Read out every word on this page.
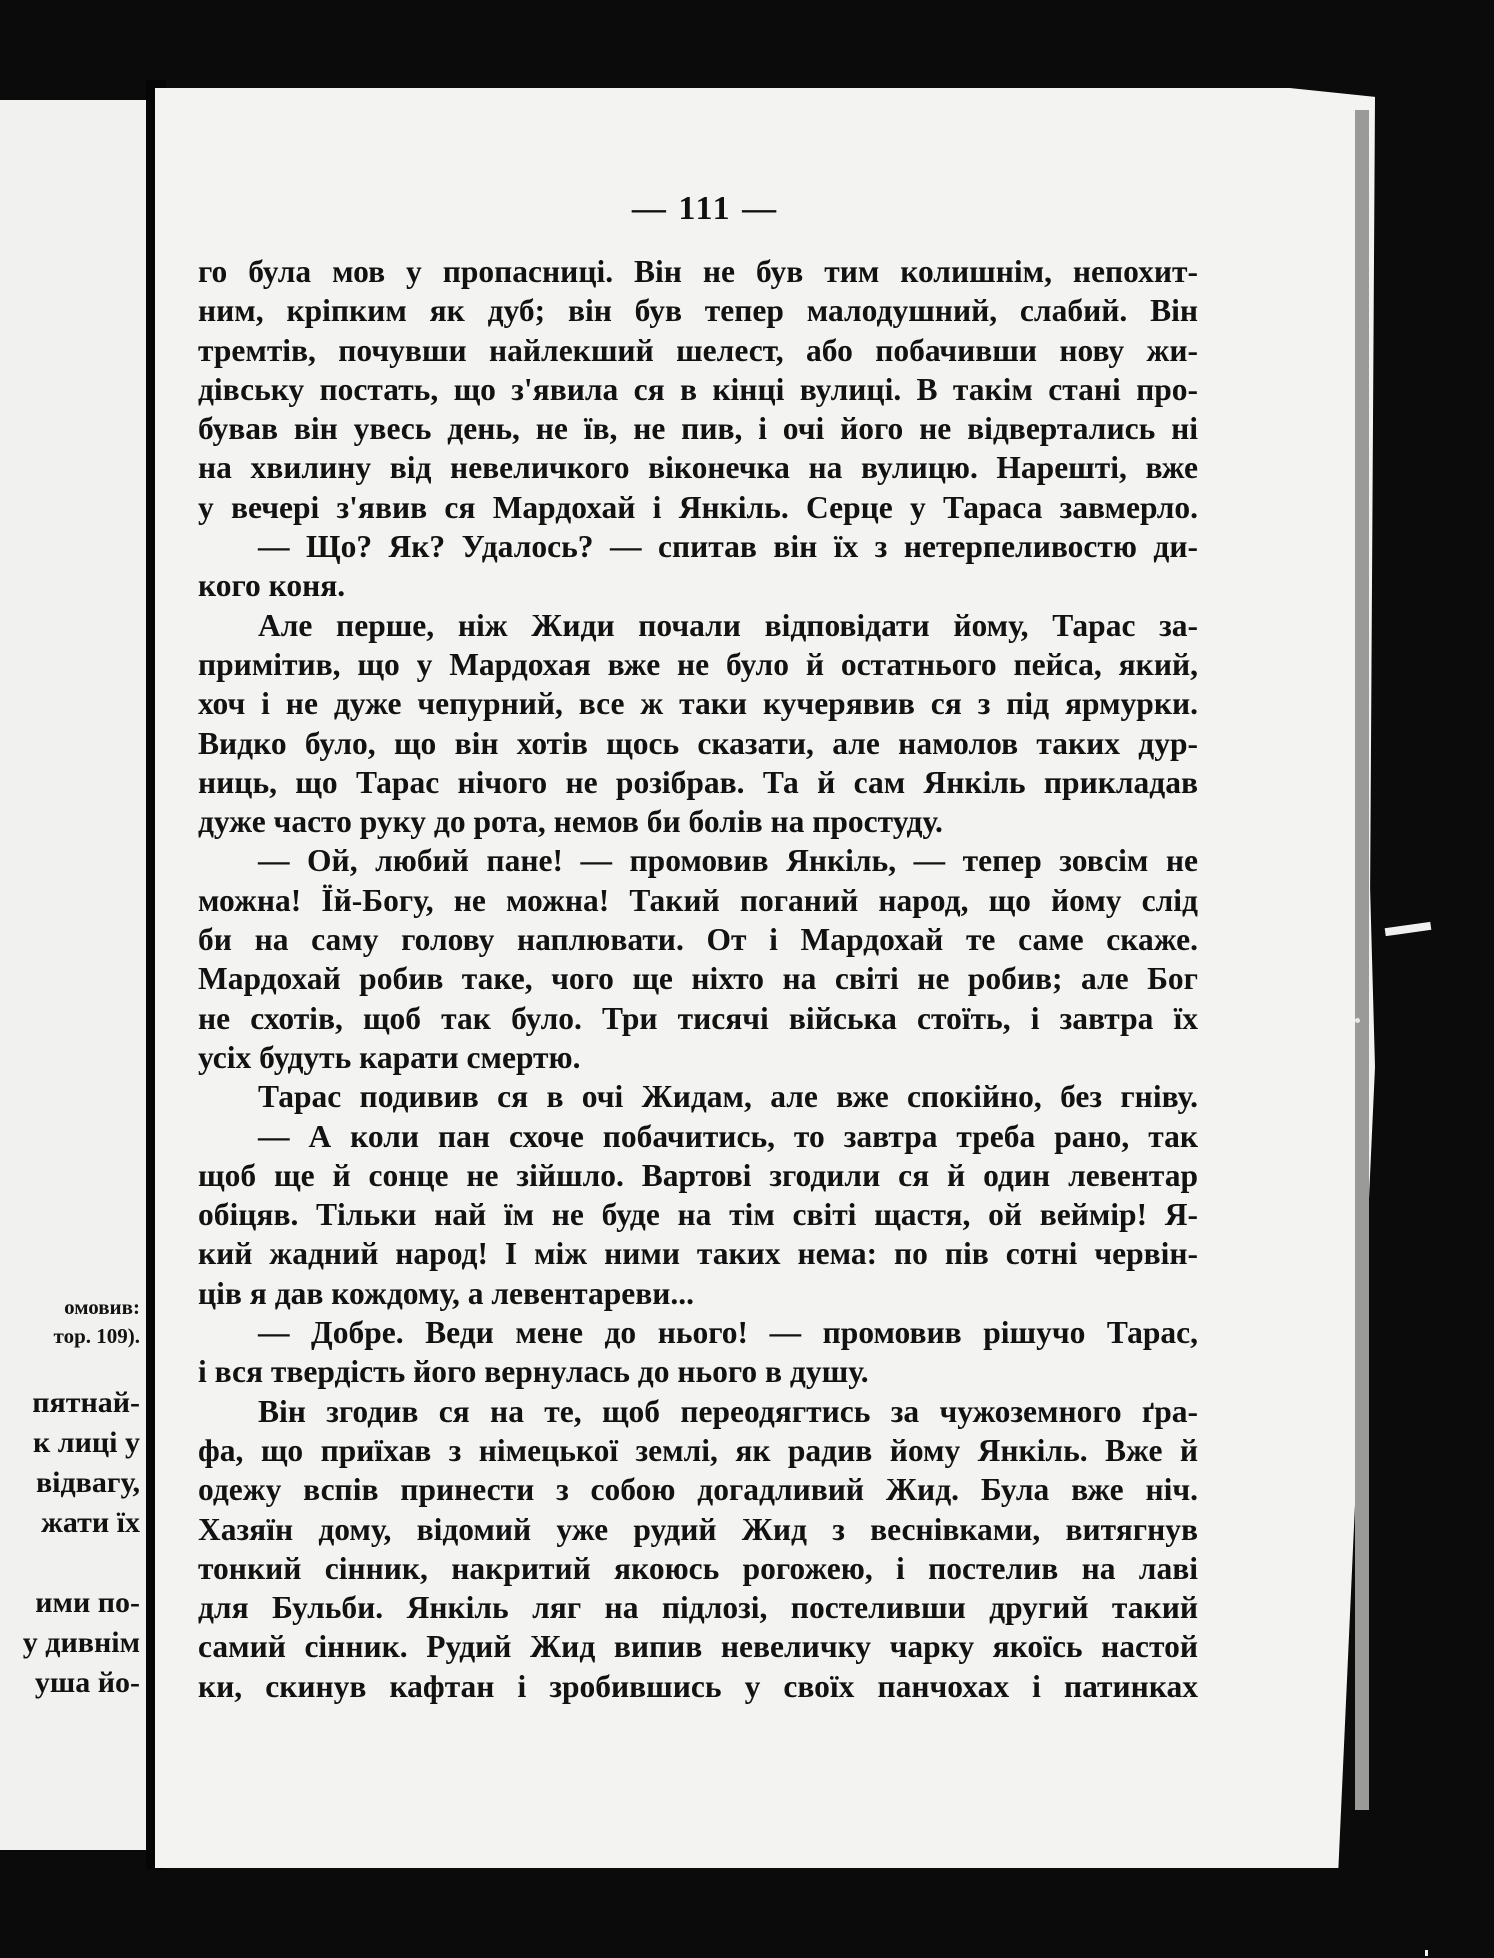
омовив:
тор. 109).
пятнай-
к лиці у
відвагу,
жати їх
ими по-
у дивнім
уша йо-
— 111 —
го була мов у пропасниці. Він не був тим колишнім, непохит-
ним, кріпким як дуб; він був тепер малодушний, слабий. Він
тремтів, почувши найлекший шелест, або побачивши нову жи-
дівську постать, що з'явила ся в кінці вулиці. В такім стані про-
бував він увесь день, не їв, не пив, і очі його не відвертались ні
на хвилину від невеличкого віконечка на вулицю. Нарешті, вже
у вечері з'явив ся Мардохай і Янкіль. Серце у Тараса завмерло.
— Що? Як? Удалось? — спитав він їх з нетерпеливостю ди-
кого коня.
Але перше, ніж Жиди почали відповідати йому, Тарас за-
примітив, що у Мардохая вже не було й остатнього пейса, який,
хоч і не дуже чепурний, все ж таки кучерявив ся з під ярмурки.
Видко було, що він хотів щось сказати, але намолов таких дур-
ниць, що Тарас нічого не розібрав. Та й сам Янкіль прикладав
дуже часто руку до рота, немов би болів на простуду.
— Ой, любий пане! — промовив Янкіль, — тепер зовсім не
можна! Їй-Богу, не можна! Такий поганий народ, що йому слід
би на саму голову наплювати. От і Мардохай те саме скаже.
Мардохай робив таке, чого ще ніхто на світі не робив; але Бог
не схотів, щоб так було. Три тисячі війська стоїть, і завтра їх
усіх будуть карати смертю.
Тарас подивив ся в очі Жидам, але вже спокійно, без гніву.
— А коли пан схоче побачитись, то завтра треба рано, так
щоб ще й сонце не зійшло. Вартові згодили ся й один левентар
обіцяв. Тільки най їм не буде на тім світі щастя, ой веймір! Я-
кий жадний народ! І між ними таких нема: по пів сотні червін-
ців я дав кождому, а левентареви...
— Добре. Веди мене до нього! — промовив рішучо Тарас,
і вся твердість його вернулась до нього в душу.
Він згодив ся на те, щоб переодягтись за чужоземного ґра-
фа, що приїхав з німецької землі, як радив йому Янкіль. Вже й
одежу вспів принести з собою догадливий Жид. Була вже ніч.
Хазяїн дому, відомий уже рудий Жид з веснівками, витягнув
тонкий сінник, накритий якоюсь рогожею, і постелив на лаві
для Бульби. Янкіль ляг на підлозі, постеливши другий такий
самий сінник. Рудий Жид випив невеличку чарку якоїсь настой
ки, скинув кафтан і зробившись у своїх панчохах і патинках
